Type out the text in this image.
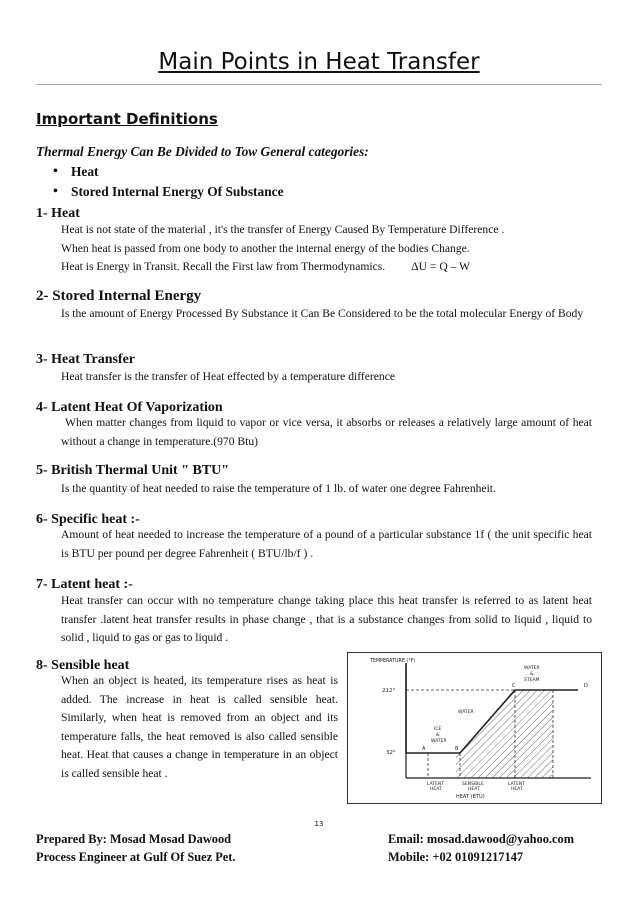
Main Points in Heat Transfer
Important Definitions
Thermal Energy Can Be Divided to Tow General categories:
• Heat
• Stored Internal Energy Of Substance
1- Heat
Heat is not state of the material , it's the transfer of Energy Caused By Temperature Difference .
When heat is passed from one body to another the internal energy of the bodies Change.
Heat is Energy in Transit. Recall the First law from Thermodynamics. ΔU = Q – W
2- Stored Internal Energy
Is the amount of Energy Processed By Substance it Can Be Considered to be the total molecular Energy of Body
3- Heat Transfer
Heat transfer is the transfer of Heat effected by a temperature difference
4- Latent Heat Of Vaporization
When matter changes from liquid to vapor or vice versa, it absorbs or releases a relatively large amount of heat without a change in temperature.(970 Btu)
5- British Thermal Unit " BTU"
Is the quantity of heat needed to raise the temperature of 1 lb. of water one degree Fahrenheit.
6- Specific heat :-
Amount of heat needed to increase the temperature of a pound of a particular substance 1f ( the unit specific heat is BTU per pound per degree Fahrenheit ( BTU/lb/f ) .
7- Latent heat :-
Heat transfer can occur with no temperature change taking place this heat transfer is referred to as latent heat transfer .latent heat transfer results in phase change , that is a substance changes from solid to liquid , liquid to solid , liquid to gas or gas to liquid .
8- Sensible heat
When an object is heated, its temperature rises as heat is added. The increase in heat is called sensible heat. Similarly, when heat is removed from an object and its temperature falls, the heat removed is also called sensible heat. Heat that causes a change in temperature in an object is called sensible heat .
TEMPERATURE (°F)
212°
32°
A	B
C	D
ICE
&
WATER
WATER
WATER
&
STEAM
LATENT
HEAT
SENSIBLE
HEAT
LATENT
HEAT
HEAT (BTU)
13
Prepared By: Mosad Mosad Dawood
Process Engineer at Gulf Of Suez Pet.
Email: mosad.dawood@yahoo.com
Mobile: +02 01091217147
